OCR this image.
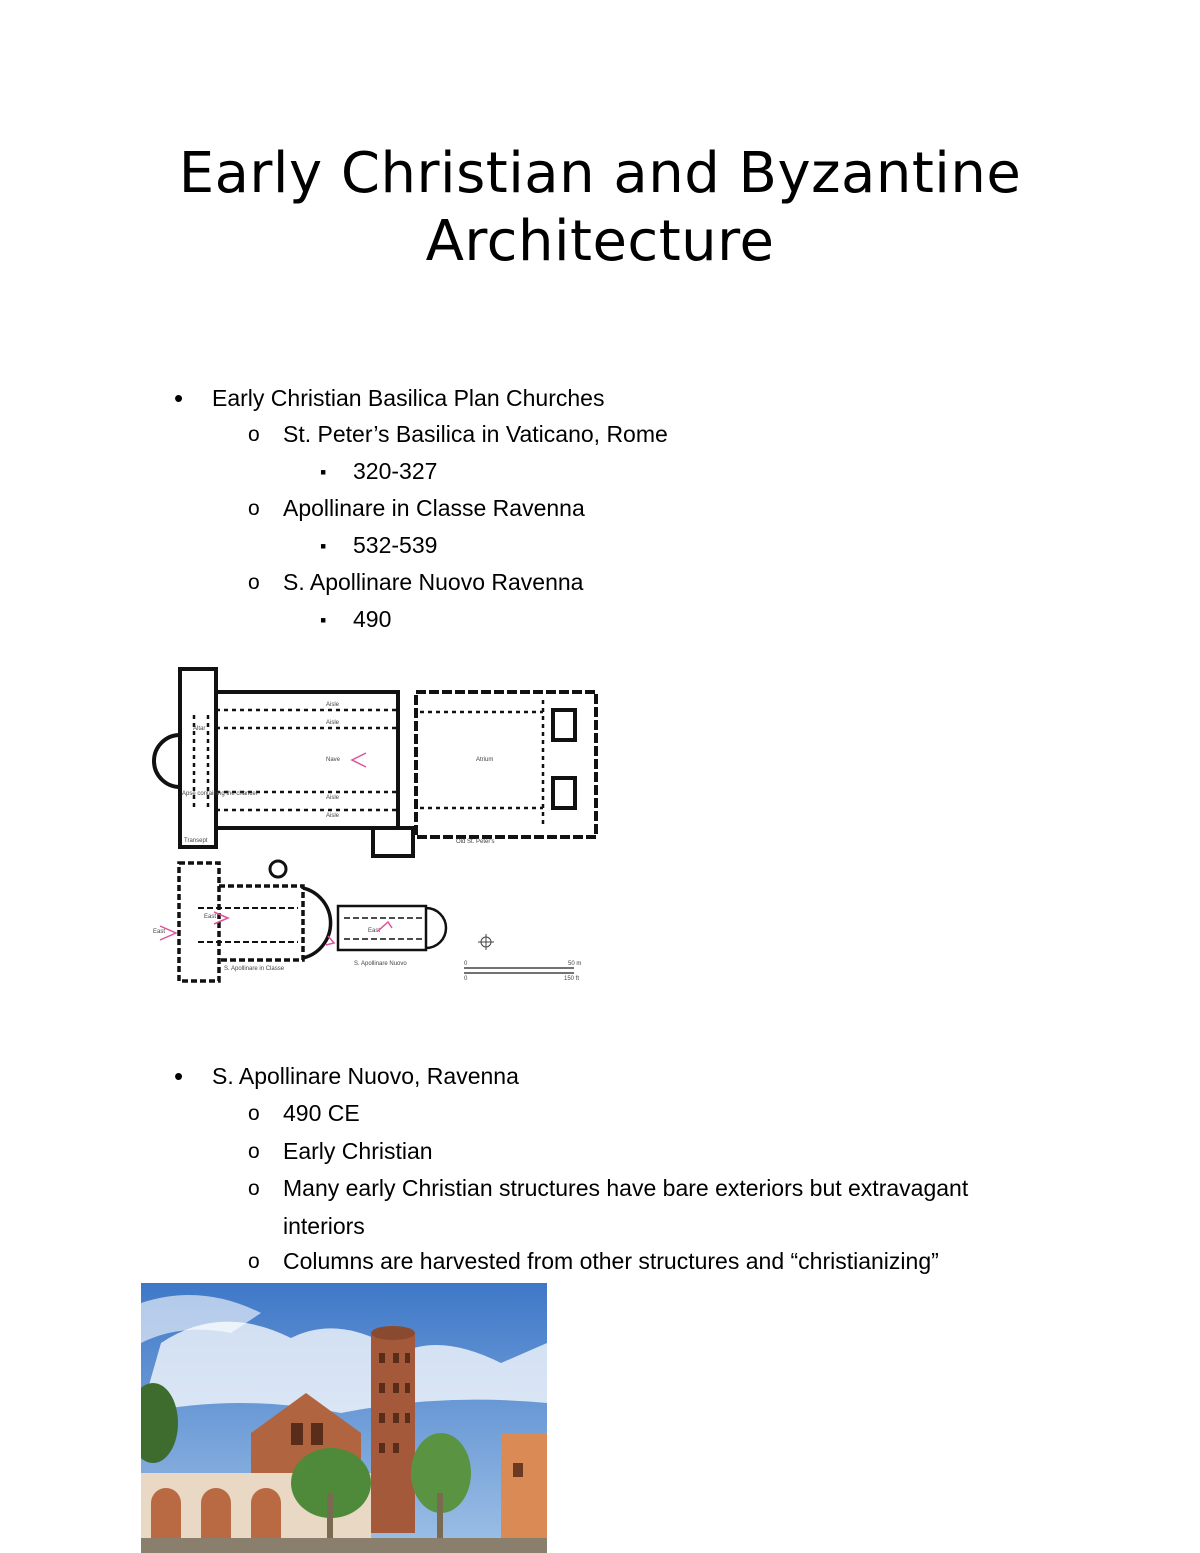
Early Christian and Byzantine
Architecture
•
Early Christian Basilica Plan Churches
o
St. Peter’s Basilica in Vaticano, Rome
▪
320-327
o
Apollinare in Classe Ravenna
▪
532-539
o
S. Apollinare Nuovo Ravenna
▪
490
Aisle
Aisle
Nave
Aisle
Aisle
Atrium
Altar
Apse containing the chancel
Transept	Old St. Peter's
S. Apollinare in Classe
S. Apollinare Nuovo
East
East
East
0
0
50 m
150 ft
•
S. Apollinare Nuovo, Ravenna
o
490 CE
o
Early Christian
o
Many early Christian structures have bare exteriors but extravagant
interiors
o
Columns are harvested from other structures and “christianizing”
